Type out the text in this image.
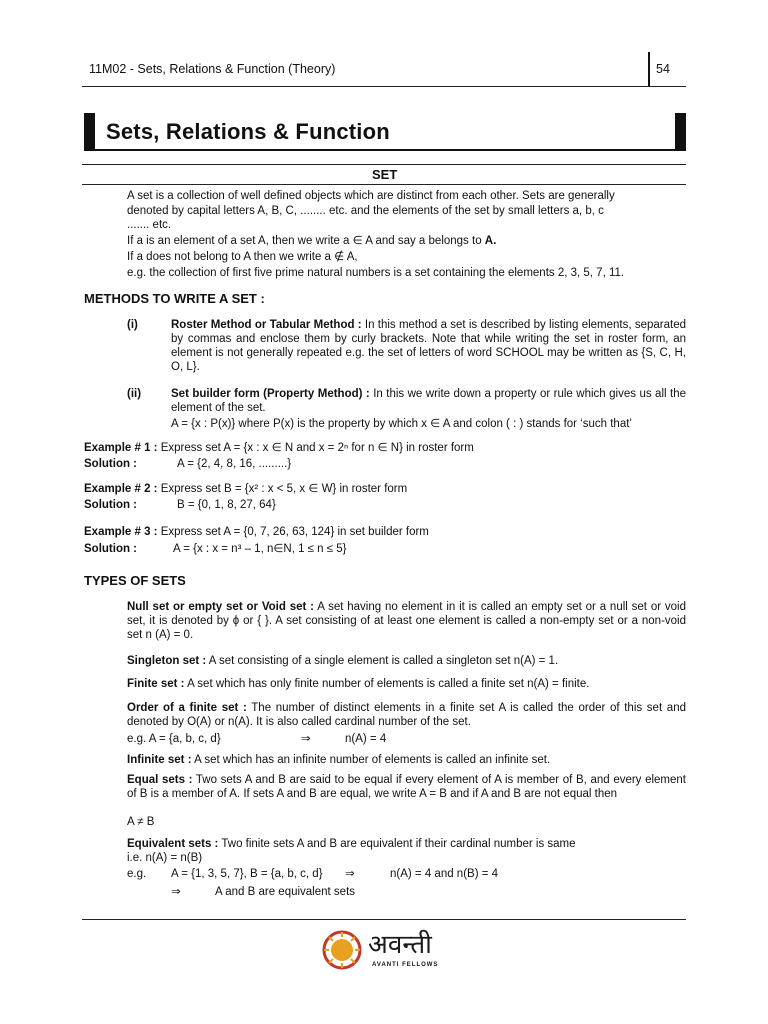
11M02 - Sets, Relations & Function (Theory)	54
Sets, Relations & Function
SET
A set is a collection of well defined objects which are distinct from each other. Sets are generally
denoted by capital letters A, B, C, ........ etc. and the elements of the set by small letters a, b, c
....... etc.
If a is an element of a set A, then we write a ∈ A and say a belongs to A.
If a does not belong to A then we write a ∉ A,
e.g. the collection of first five prime natural numbers is a set containing the elements 2, 3, 5, 7, 11.
METHODS TO WRITE A SET :
(i)	Roster Method or Tabular Method : In this method a set is described by listing elements, separated by commas and enclose them by curly brackets. Note that while writing the set in roster form, an element is not generally repeated e.g. the set of letters of word SCHOOL may be written as {S, C, H, O, L}.
(ii)	Set builder form (Property Method) : In this we write down a property or rule which gives us all the element of the set.
A = {x : P(x)} where P(x) is the property by which x ∈ A and colon ( : ) stands for ‘such that’
Example # 1 : Express set A = {x : x ∈ N and x = 2ⁿ for n ∈ N} in roster form
Solution :	A = {2, 4, 8, 16, .........}
Example # 2 : Express set B = {x² : x < 5, x ∈ W} in roster form
Solution :	B = {0, 1, 8, 27, 64}
Example # 3 : Express set A = {0, 7, 26, 63, 124} in set builder form
Solution :	A = {x : x = n³ – 1, n∈N, 1 ≤ n ≤ 5}
TYPES OF SETS
Null set or empty set or Void set : A set having no element in it is called an empty set or a null set or void set, it is denoted by ϕ or { }. A set consisting of at least one element is called a non-empty set or a non-void set n (A) = 0.
Singleton set : A set consisting of a single element is called a singleton set n(A) = 1.
Finite set : A set which has only finite number of elements is called a finite set n(A) = finite.
Order of a finite set : The number of distinct elements in a finite set A is called the order of this set and denoted by O(A) or n(A). It is also called cardinal number of the set.
e.g. A = {a, b, c, d}	⇒	n(A) = 4
Infinite set : A set which has an infinite number of elements is called an infinite set.
Equal sets : Two sets A and B are said to be equal if every element of A is member of B, and every element of B is a member of A. If sets A and B are equal, we write A = B and if A and B are not equal then
A ≠ B
Equivalent sets : Two finite sets A and B are equivalent if their cardinal number is same
i.e. n(A) = n(B)
e.g. A = {1, 3, 5, 7}, B = {a, b, c, d} ⇒	n(A) = 4 and n(B) = 4
⇒	A and B are equivalent sets
अवन्ती
AVANTI FELLOWS
